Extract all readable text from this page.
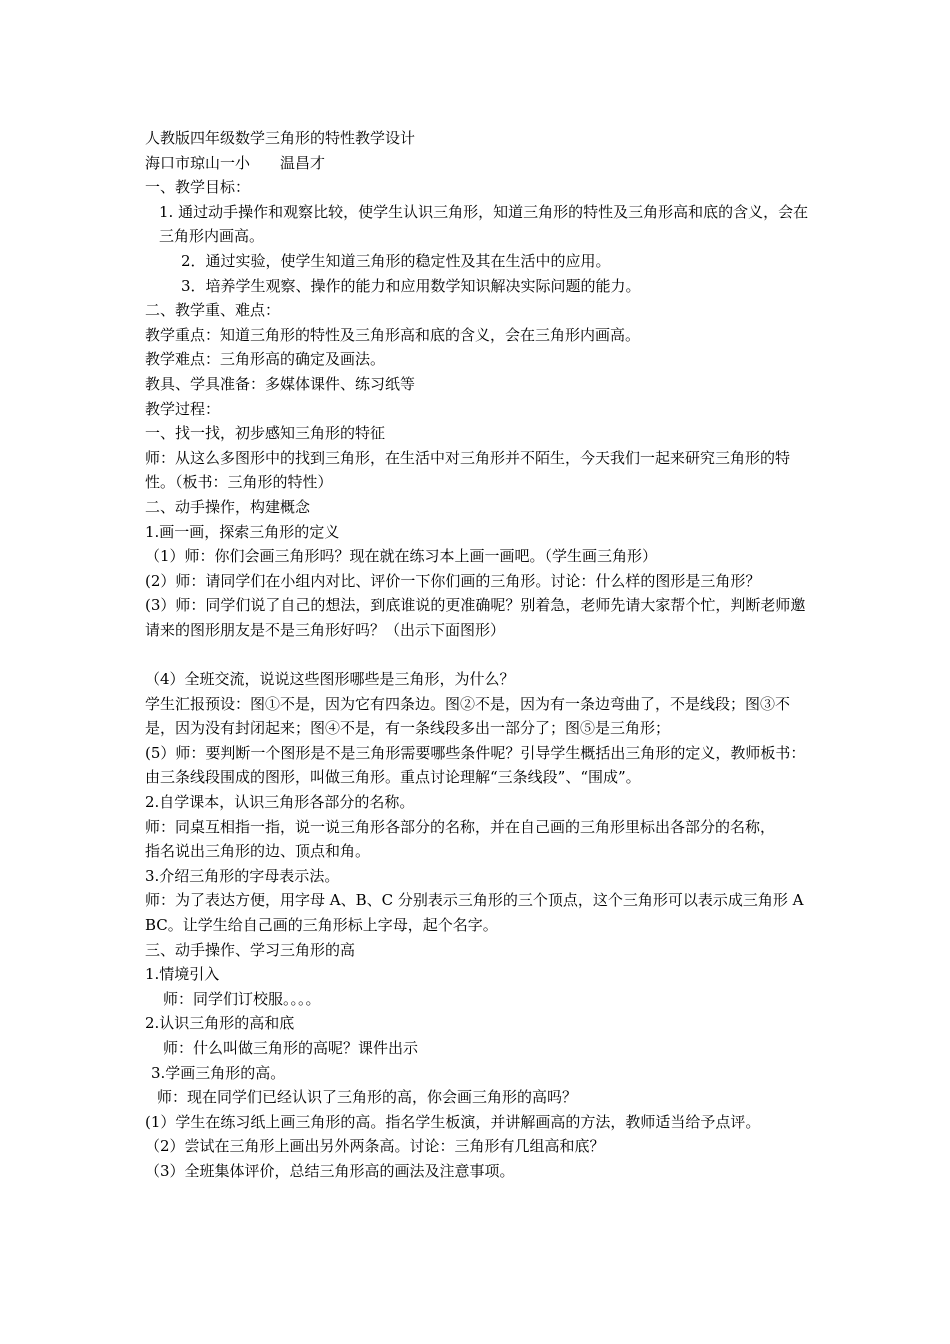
人教版四年级数学三角形的特性教学设计

海口市琼山一小　　温昌才

一、教学目标：

1. 通过动手操作和观察比较，使学生认识三角形，知道三角形的特性及三角形高和底的含义，会在三角形内画高。

2．通过实验，使学生知道三角形的稳定性及其在生活中的应用。

3．培养学生观察、操作的能力和应用数学知识解决实际问题的能力。

二、教学重、难点：

教学重点：知道三角形的特性及三角形高和底的含义，会在三角形内画高。

教学难点：三角形高的确定及画法。

教具、学具准备：多媒体课件、练习纸等

教学过程：

一、找一找，初步感知三角形的特征

师：从这么多图形中的找到三角形，在生活中对三角形并不陌生，今天我们一起来研究三角形的特性。（板书：三角形的特性）

二、动手操作，构建概念

1.画一画，探索三角形的定义

（1）师：你们会画三角形吗？现在就在练习本上画一画吧。（学生画三角形）

(2）师：请同学们在小组内对比、评价一下你们画的三角形。讨论：什么样的图形是三角形？

(3）师：同学们说了自己的想法，到底谁说的更准确呢？别着急，老师先请大家帮个忙，判断老师邀请来的图形朋友是不是三角形好吗？（出示下面图形）

（4）全班交流，说说这些图形哪些是三角形，为什么？

学生汇报预设：图①不是，因为它有四条边。图②不是，因为有一条边弯曲了，不是线段；图③不是，因为没有封闭起来；图④不是，有一条线段多出一部分了；图⑤是三角形；

(5）师：要判断一个图形是不是三角形需要哪些条件呢？引导学生概括出三角形的定义，教师板书：由三条线段围成的图形，叫做三角形。重点讨论理解“三条线段”、“围成”。

2.自学课本，认识三角形各部分的名称。

师：同桌互相指一指，说一说三角形各部分的名称，并在自己画的三角形里标出各部分的名称，

指名说出三角形的边、顶点和角。

3.介绍三角形的字母表示法。

师：为了表达方便，用字母 A、B、C 分别表示三角形的三个顶点，这个三角形可以表示成三角形 ABC。让学生给自己画的三角形标上字母，起个名字。

三、动手操作、学习三角形的高

1.情境引入

师：同学们订校服。。。。

2.认识三角形的高和底

师：什么叫做三角形的高呢？课件出示

3.学画三角形的高。

师：现在同学们已经认识了三角形的高，你会画三角形的高吗？

(1）学生在练习纸上画三角形的高。指名学生板演，并讲解画高的方法，教师适当给予点评。

（2）尝试在三角形上画出另外两条高。讨论：三角形有几组高和底？

（3）全班集体评价，总结三角形高的画法及注意事项。
